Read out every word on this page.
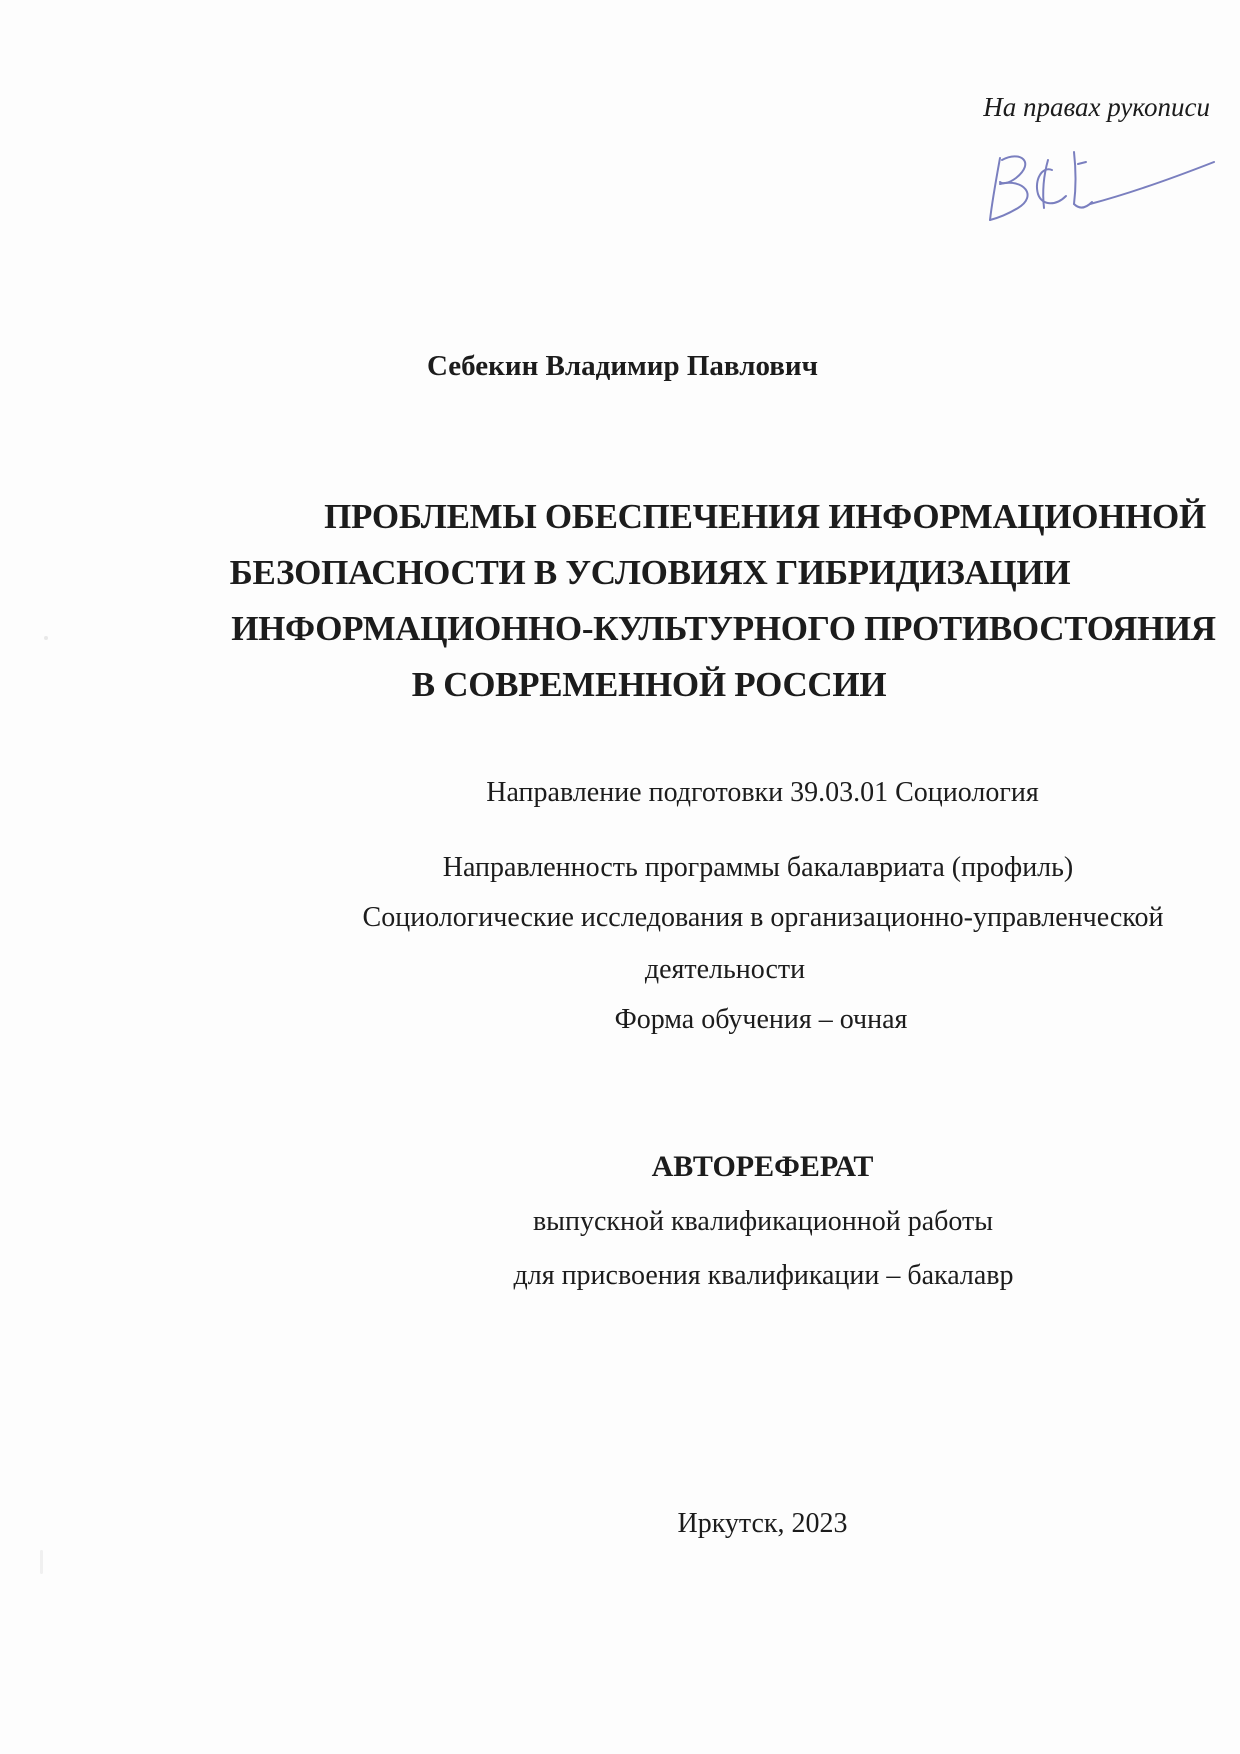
На правах рукописи
Себекин Владимир Павлович
ПРОБЛЕМЫ ОБЕСПЕЧЕНИЯ ИНФОРМАЦИОННОЙ
БЕЗОПАСНОСТИ В УСЛОВИЯХ ГИБРИДИЗАЦИИ
ИНФОРМАЦИОННО-КУЛЬТУРНОГО ПРОТИВОСТОЯНИЯ
В СОВРЕМЕННОЙ РОССИИ
Направление подготовки 39.03.01 Социология
Направленность программы бакалавриата (профиль)
Социологические исследования в организационно-управленческой
деятельности
Форма обучения – очная
АВТОРЕФЕРАТ
выпускной квалификационной работы
для присвоения квалификации – бакалавр
Иркутск, 2023
